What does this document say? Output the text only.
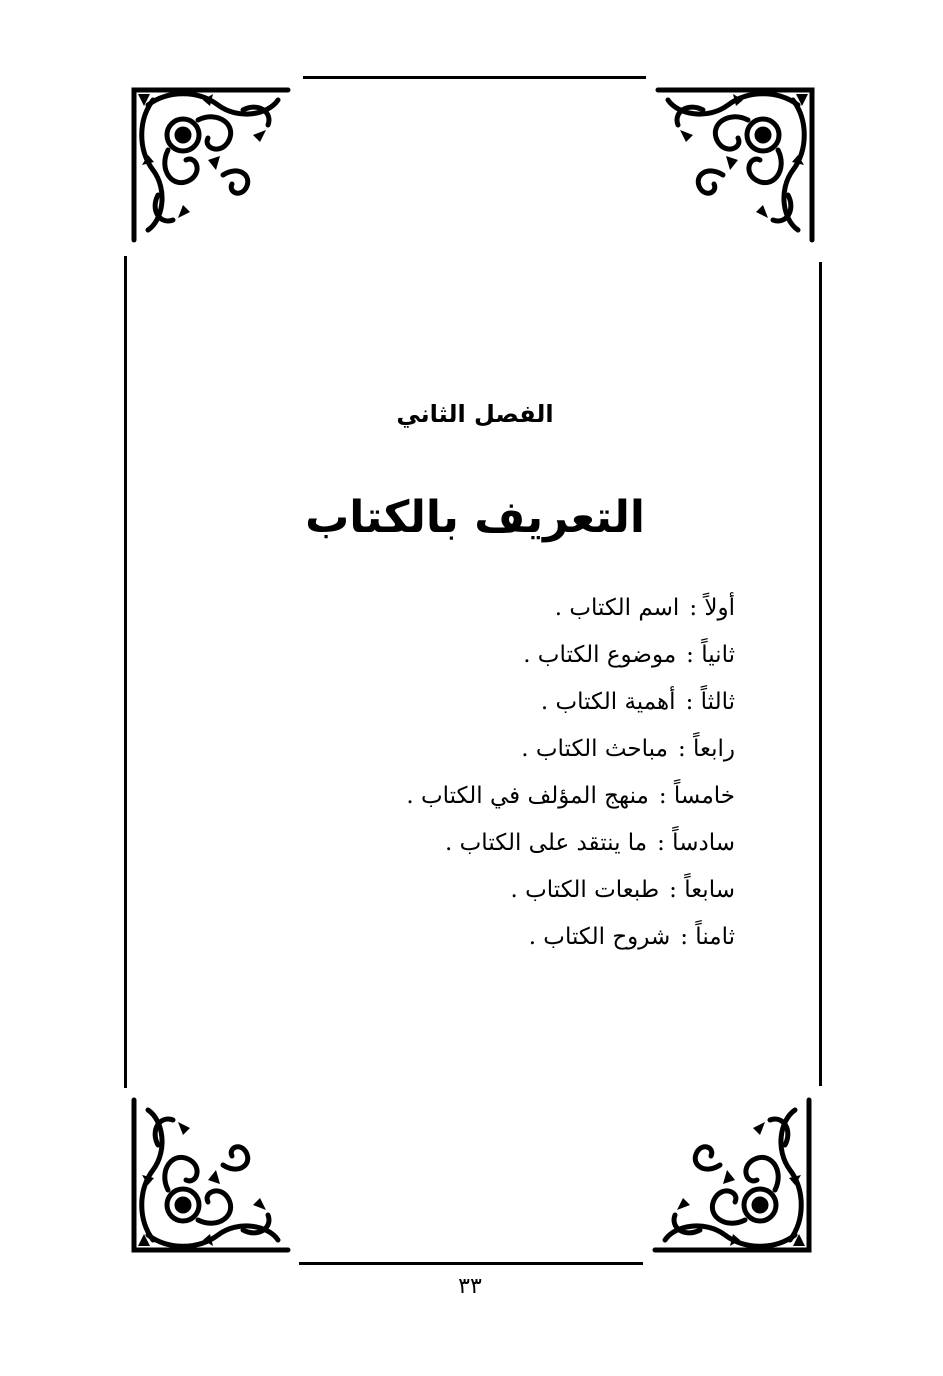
الفصل الثاني
التعريف بالكتاب
أولاً :اسم الكتاب .
ثانياً :موضوع الكتاب .
ثالثاً :أهمية الكتاب .
رابعاً :مباحث الكتاب .
خامساً :منهج المؤلف في الكتاب .
سادساً :ما ينتقد على الكتاب .
سابعاً :طبعات الكتاب .
ثامناً :شروح الكتاب .
٣٣
